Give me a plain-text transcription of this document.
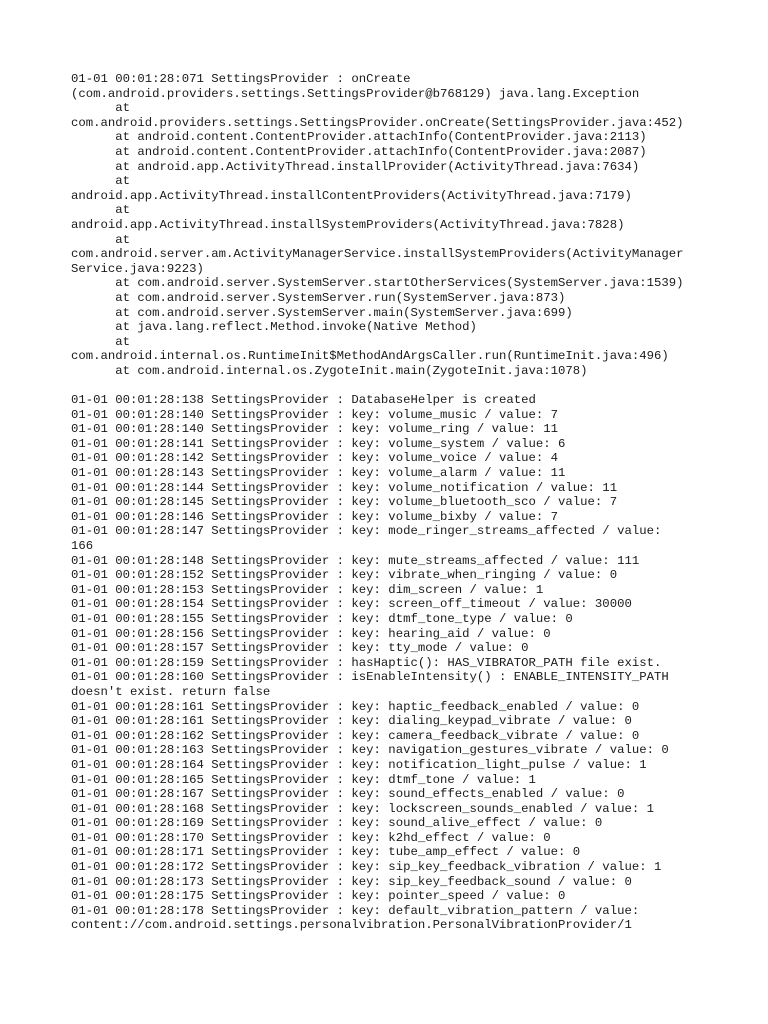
01-01 00:01:28:071 SettingsProvider : onCreate
(com.android.providers.settings.SettingsProvider@b768129) java.lang.Exception
at
com.android.providers.settings.SettingsProvider.onCreate(SettingsProvider.java:452)
at android.content.ContentProvider.attachInfo(ContentProvider.java:2113)
at android.content.ContentProvider.attachInfo(ContentProvider.java:2087)
at android.app.ActivityThread.installProvider(ActivityThread.java:7634)
at
android.app.ActivityThread.installContentProviders(ActivityThread.java:7179)
at
android.app.ActivityThread.installSystemProviders(ActivityThread.java:7828)
at
com.android.server.am.ActivityManagerService.installSystemProviders(ActivityManager
Service.java:9223)
at com.android.server.SystemServer.startOtherServices(SystemServer.java:1539)
at com.android.server.SystemServer.run(SystemServer.java:873)
at com.android.server.SystemServer.main(SystemServer.java:699)
at java.lang.reflect.Method.invoke(Native Method)
at
com.android.internal.os.RuntimeInit$MethodAndArgsCaller.run(RuntimeInit.java:496)
at com.android.internal.os.ZygoteInit.main(ZygoteInit.java:1078)
01-01 00:01:28:138 SettingsProvider : DatabaseHelper is created
01-01 00:01:28:140 SettingsProvider : key: volume_music / value: 7
01-01 00:01:28:140 SettingsProvider : key: volume_ring / value: 11
01-01 00:01:28:141 SettingsProvider : key: volume_system / value: 6
01-01 00:01:28:142 SettingsProvider : key: volume_voice / value: 4
01-01 00:01:28:143 SettingsProvider : key: volume_alarm / value: 11
01-01 00:01:28:144 SettingsProvider : key: volume_notification / value: 11
01-01 00:01:28:145 SettingsProvider : key: volume_bluetooth_sco / value: 7
01-01 00:01:28:146 SettingsProvider : key: volume_bixby / value: 7
01-01 00:01:28:147 SettingsProvider : key: mode_ringer_streams_affected / value:
166
01-01 00:01:28:148 SettingsProvider : key: mute_streams_affected / value: 111
01-01 00:01:28:152 SettingsProvider : key: vibrate_when_ringing / value: 0
01-01 00:01:28:153 SettingsProvider : key: dim_screen / value: 1
01-01 00:01:28:154 SettingsProvider : key: screen_off_timeout / value: 30000
01-01 00:01:28:155 SettingsProvider : key: dtmf_tone_type / value: 0
01-01 00:01:28:156 SettingsProvider : key: hearing_aid / value: 0
01-01 00:01:28:157 SettingsProvider : key: tty_mode / value: 0
01-01 00:01:28:159 SettingsProvider : hasHaptic(): HAS_VIBRATOR_PATH file exist.
01-01 00:01:28:160 SettingsProvider : isEnableIntensity() : ENABLE_INTENSITY_PATH
doesn't exist. return false
01-01 00:01:28:161 SettingsProvider : key: haptic_feedback_enabled / value: 0
01-01 00:01:28:161 SettingsProvider : key: dialing_keypad_vibrate / value: 0
01-01 00:01:28:162 SettingsProvider : key: camera_feedback_vibrate / value: 0
01-01 00:01:28:163 SettingsProvider : key: navigation_gestures_vibrate / value: 0
01-01 00:01:28:164 SettingsProvider : key: notification_light_pulse / value: 1
01-01 00:01:28:165 SettingsProvider : key: dtmf_tone / value: 1
01-01 00:01:28:167 SettingsProvider : key: sound_effects_enabled / value: 0
01-01 00:01:28:168 SettingsProvider : key: lockscreen_sounds_enabled / value: 1
01-01 00:01:28:169 SettingsProvider : key: sound_alive_effect / value: 0
01-01 00:01:28:170 SettingsProvider : key: k2hd_effect / value: 0
01-01 00:01:28:171 SettingsProvider : key: tube_amp_effect / value: 0
01-01 00:01:28:172 SettingsProvider : key: sip_key_feedback_vibration / value: 1
01-01 00:01:28:173 SettingsProvider : key: sip_key_feedback_sound / value: 0
01-01 00:01:28:175 SettingsProvider : key: pointer_speed / value: 0
01-01 00:01:28:178 SettingsProvider : key: default_vibration_pattern / value:
content://com.android.settings.personalvibration.PersonalVibrationProvider/1
